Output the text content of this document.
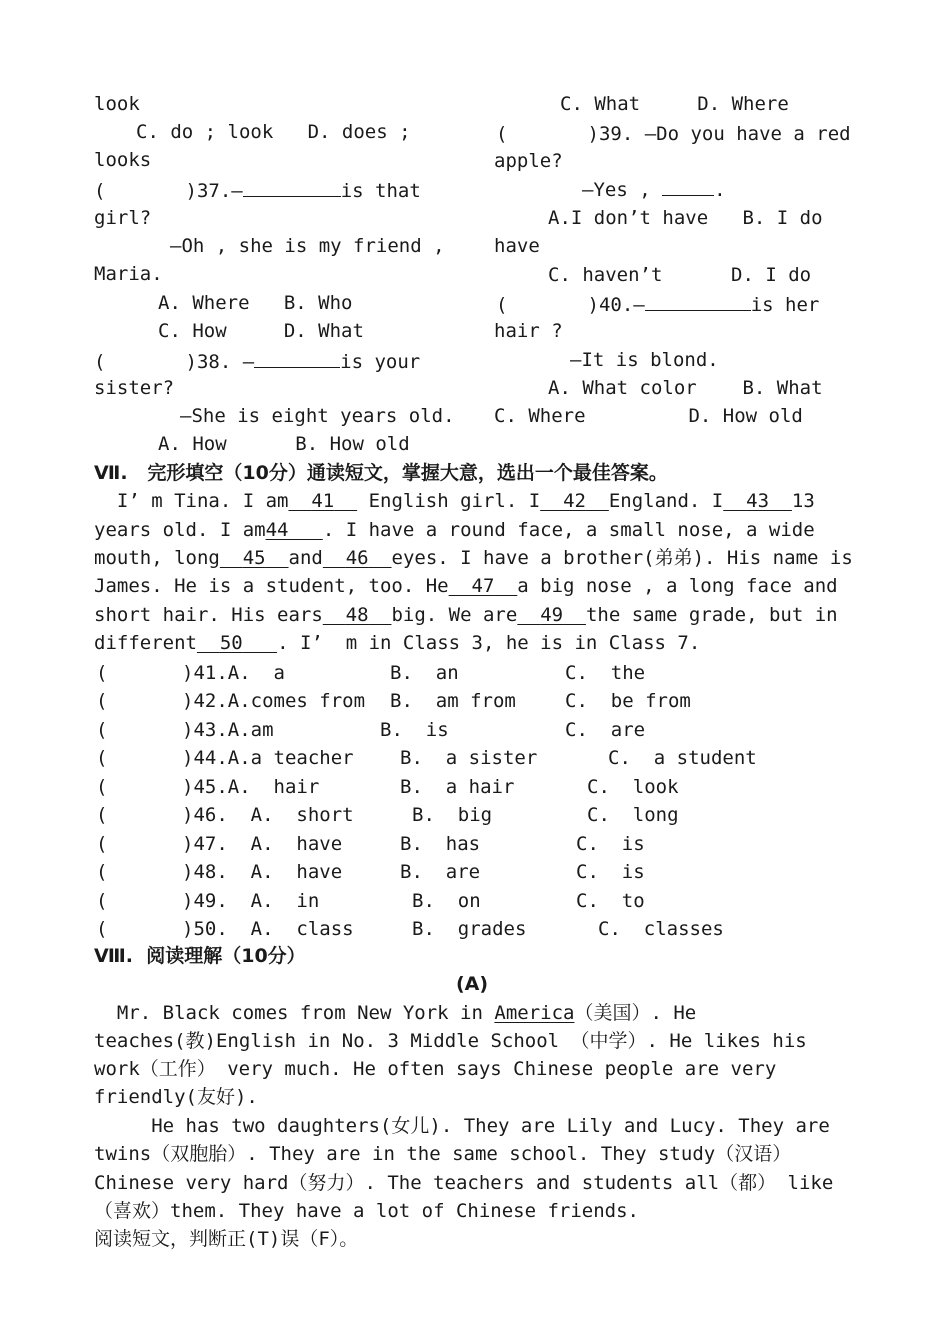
look
C. do ; look   D. does ;
looks
(       )37.—	is that
girl?
—Oh , she is my friend ,
Maria.
A. Where   B. Who
C. How     D. What
(       )38. —	is your
sister?
—She is eight years old.
A. How      B. How old
C. What     D. Where
(       )39. —Do you have a red
apple?
—Yes ,	.
A.I don’t have   B. I do
have
C. haven’t      D. I do
(       )40.—	is her
hair ?
—It is blond.
A. What color    B. What
C. Where         D. How old
Ⅶ.   完形填空（10分）通读短文，掌握大意，选出一个最佳答案。
I’ m Tina. I am 41   English girl. I 42 England. I 43 13
years old. I am44 . I have a round face, a small nose, a wide
mouth, long 45 and 46 eyes. I have a brother(弟弟). His name is
James. He is a student, too. He 47 a big nose , a long face and
short hair. His ears 48 big. We are 49 the same grade, but in
different 50 . I’  m in Class 3, he is in Class 7.
(	)41.A.  a	B.  an	C.  the
(	)42.A.comes from B.  am from	C.  be from
(	)43.A.am	B.  is	C.  are
(	)44.A.a teacher B.  a sister	C.  a student
(	)45.A.  hair	B.  a hair	C.  look
(	)46.  A.  short	B.  big	C.  long
(	)47.  A.  have	B.  has	C.  is
(	)48.  A.  have	B.  are	C.  is
(	)49.  A.  in	B.  on	C.  to
(	)50.  A.  class	B.  grades	C.  classes
Ⅷ.  阅读理解（10分）
(A)
Mr. Black comes from New York in America（美国）. He
teaches(教)English in No. 3 Middle School （中学）. He likes his
work（工作） very much. He often says Chinese people are very
friendly(友好).
He has two daughters(女儿). They are Lily and Lucy. They are
twins（双胞胎）. They are in the same school. They study（汉语）
Chinese very hard（努力）. The teachers and students all（都） like
（喜欢）them. They have a lot of Chinese friends.
阅读短文，判断正(T)误（F）。
